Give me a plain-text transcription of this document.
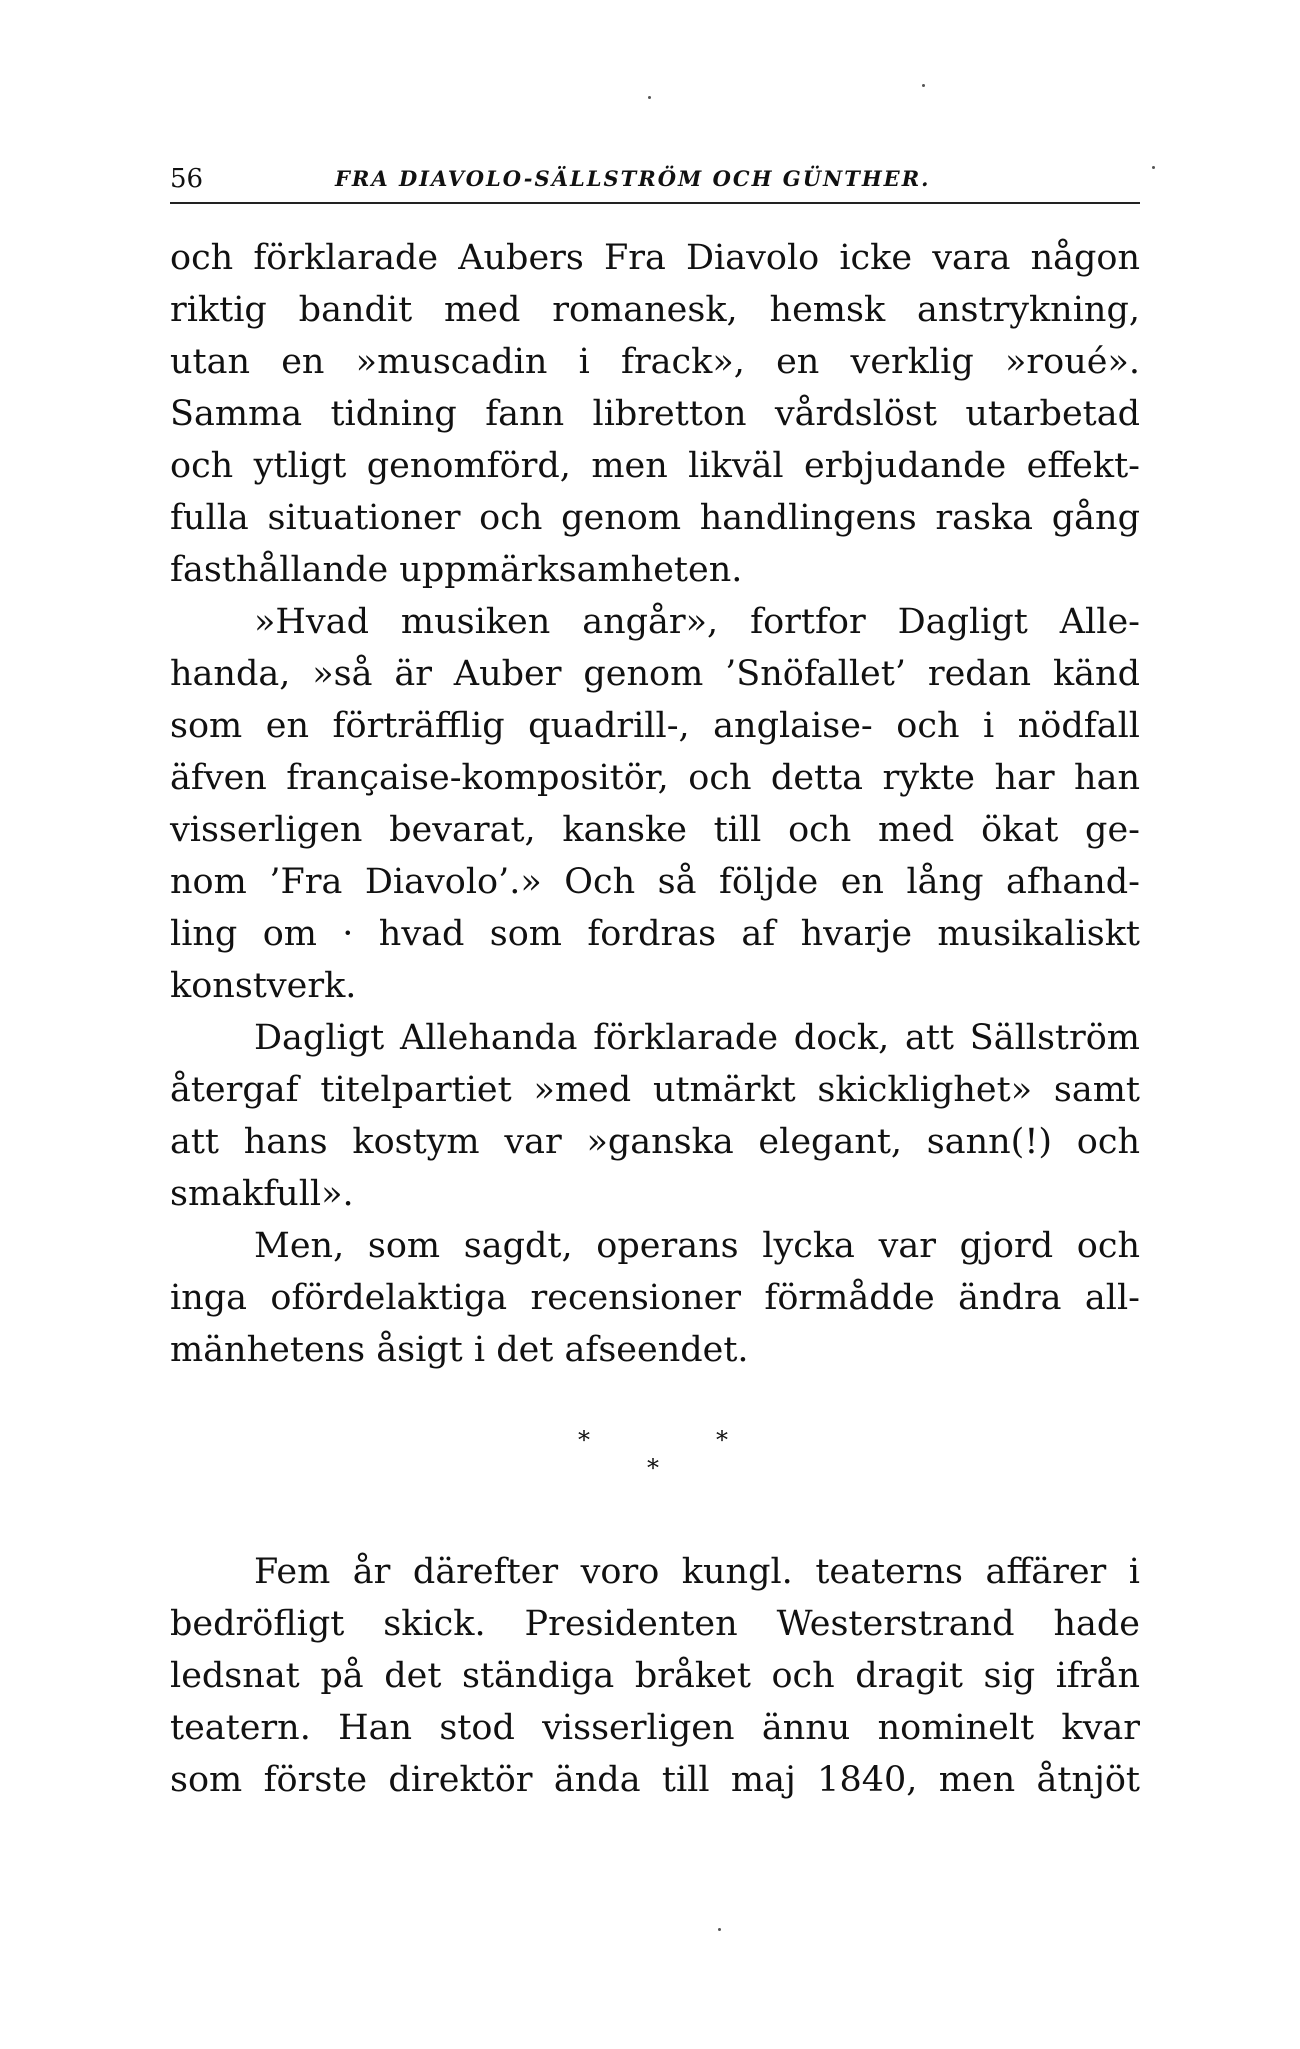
56	FRA DIAVOLO-SÄLLSTRÖM OCH GÜNTHER.
och förklarade Aubers Fra Diavolo icke vara någon
riktig bandit med romanesk, hemsk anstrykning,
utan en »muscadin i frack», en verklig »roué».
Samma tidning fann libretton vårdslöst utarbetad
och ytligt genomförd, men likväl erbjudande effekt-
fulla situationer och genom handlingens raska gång
fasthållande uppmärksamheten.
»Hvad musiken angår», fortfor Dagligt Alle-
handa, »så är Auber genom ’Snöfallet’ redan känd
som en förträfflig quadrill-, anglaise- och i nödfall
äfven française-kompositör, och detta rykte har han
visserligen bevarat, kanske till och med ökat ge-
nom ’Fra Diavolo’.» Och så följde en lång afhand-
ling om · hvad som fordras af hvarje musikaliskt
konstverk.
Dagligt Allehanda förklarade dock, att Sällström
återgaf titelpartiet »med utmärkt skicklighet» samt
att hans kostym var »ganska elegant, sann(!) och
smakfull».
Men, som sagdt, operans lycka var gjord och
inga ofördelaktiga recensioner förmådde ändra all-
mänhetens åsigt i det afseendet.
*	*
*
Fem år därefter voro kungl. teaterns affärer i
bedröfligt skick. Presidenten Westerstrand hade
ledsnat på det ständiga bråket och dragit sig ifrån
teatern. Han stod visserligen ännu nominelt kvar
som förste direktör ända till maj 1840, men åtnjöt
